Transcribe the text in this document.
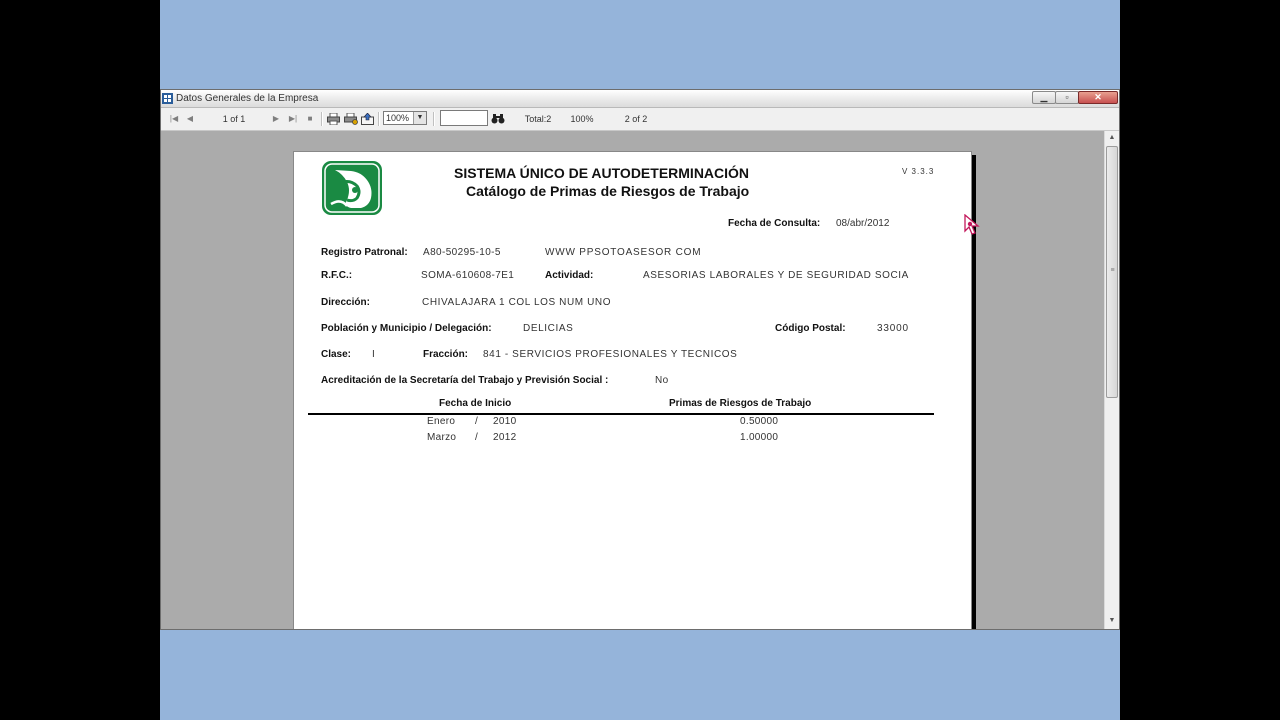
Datos Generales de la Empresa	▁	▫	✕
|◀ ◀	1 of 1	▶ ▶|	■	100%	▼	Total:2 100%	2 of 2
SISTEMA ÚNICO DE AUTODETERMINACIÓN
Catálogo de Primas de Riesgos de Trabajo
V 3.3.3
Fecha de Consulta: 08/abr/2012
Registro Patronal: A80-50295-10-5	WWW PPSOTOASESOR COM
R.F.C.:	SOMA-610608-7E1	Actividad:	ASESORIAS LABORALES Y DE SEGURIDAD SOCIA
Dirección:	CHIVALAJARA 1 COL LOS NUM UNO
Población y Municipio / Delegación:	DELICIAS	Código Postal:	33000
Clase: I	Fracción: 841 - SERVICIOS PROFESIONALES Y TECNICOS
Acreditación de la Secretaría del Trabajo y Previsión Social :	No
Fecha de Inicio	Primas de Riesgos de Trabajo
Enero / 2010	0.50000
Marzo / 2012	1.00000
▲
≡
▼
